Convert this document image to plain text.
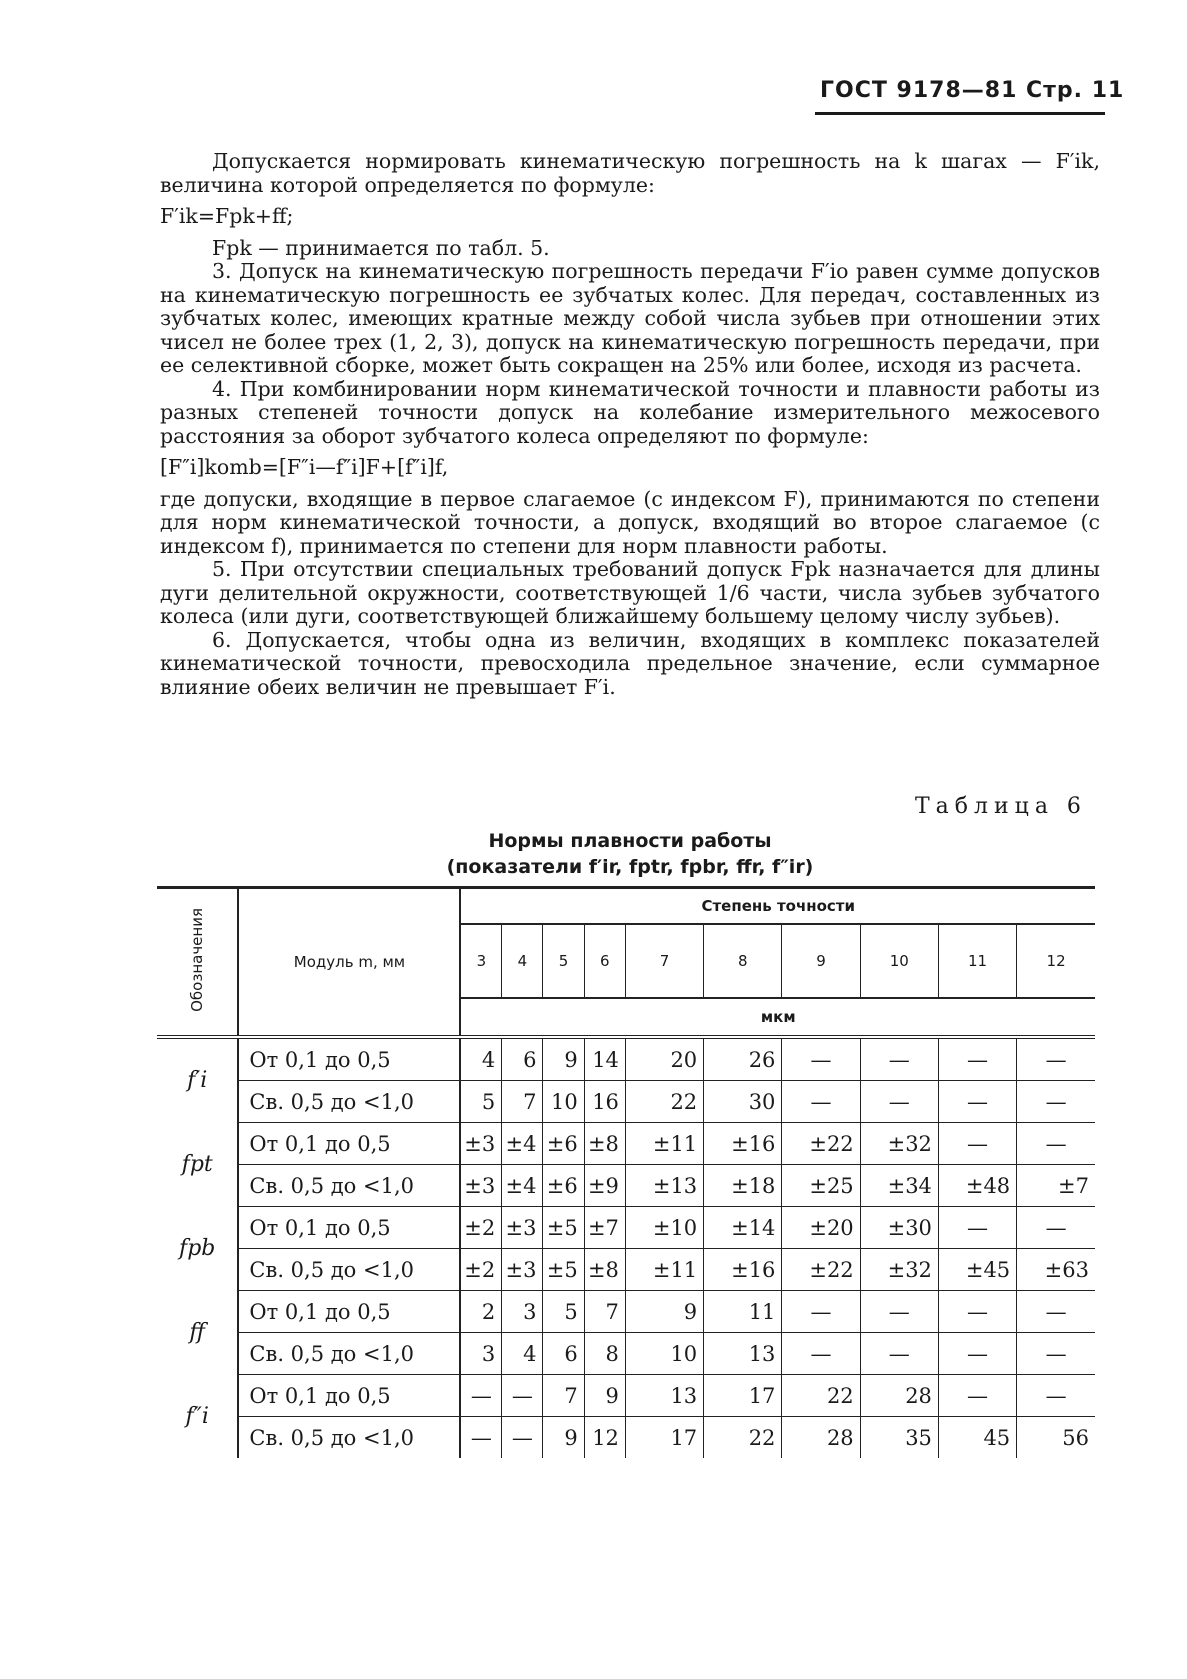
ГОСТ 9178—81 Стр. 11

Допускается нормировать кинематическую погрешность на k шагах — F′ik, величина которой определяется по формуле:

F′ik=Fpk+ff;

Fpk — принимается по табл. 5.

3. Допуск на кинематическую погрешность передачи F′io равен сумме допусков на кинематическую погрешность ее зубчатых колес. Для передач, составленных из зубчатых колес, имеющих кратные между собой числа зубьев при отношении этих чисел не более трех (1, 2, 3), допуск на кинематическую погрешность передачи, при ее селективной сборке, может быть сокращен на 25% или более, исходя из расчета.

4. При комбинировании норм кинематической точности и плавности работы из разных степеней точности допуск на колебание измерительного межосевого расстояния за оборот зубчатого колеса определяют по формуле:

[F″i]komb=[F″i—f″i]F+[f″i]f,

где допуски, входящие в первое слагаемое (с индексом F), принимаются по степени для норм кинематической точности, а допуск, входящий во второе слагаемое (с индексом f), принимается по степени для норм плавности работы.

5. При отсутствии специальных требований допуск Fpk назначается для длины дуги делительной окружности, соответствующей 1/6 части, числа зубьев зубчатого колеса (или дуги, соответствующей ближайшему большему целому числу зубьев).

6. Допускается, чтобы одна из величин, входящих в комплекс показателей кинематической точности, превосходила предельное значение, если суммарное влияние обеих величин не превышает F′i.

Таблица 6
Нормы плавности работы
(показатели f′ir, fptr, fpbr, ffr, f″ir)
Обозначения	Модуль m, мм	Степень точности									
		3	4	5	6	7	8	9	10	11	12
		мкм									
f′i	От 0,1 до 0,5	4	6	9	14	20	26	—	—	—	—
	Св. 0,5 до <1,0	5	7	10	16	22	30	—	—	—	—
fpt	От 0,1 до 0,5	±3	±4	±6	±8	±11	±16	±22	±32	—	—
	Св. 0,5 до <1,0	±3	±4	±6	±9	±13	±18	±25	±34	±48	±7
fpb	От 0,1 до 0,5	±2	±3	±5	±7	±10	±14	±20	±30	—	—
	Св. 0,5 до <1,0	±2	±3	±5	±8	±11	±16	±22	±32	±45	±63
ff	От 0,1 до 0,5	2	3	5	7	9	11	—	—	—	—
	Св. 0,5 до <1,0	3	4	6	8	10	13	—	—	—	—
f″i	От 0,1 до 0,5	—	—	7	9	13	17	22	28	—	—
	Св. 0,5 до <1,0	—	—	9	12	17	22	28	35	45	56
